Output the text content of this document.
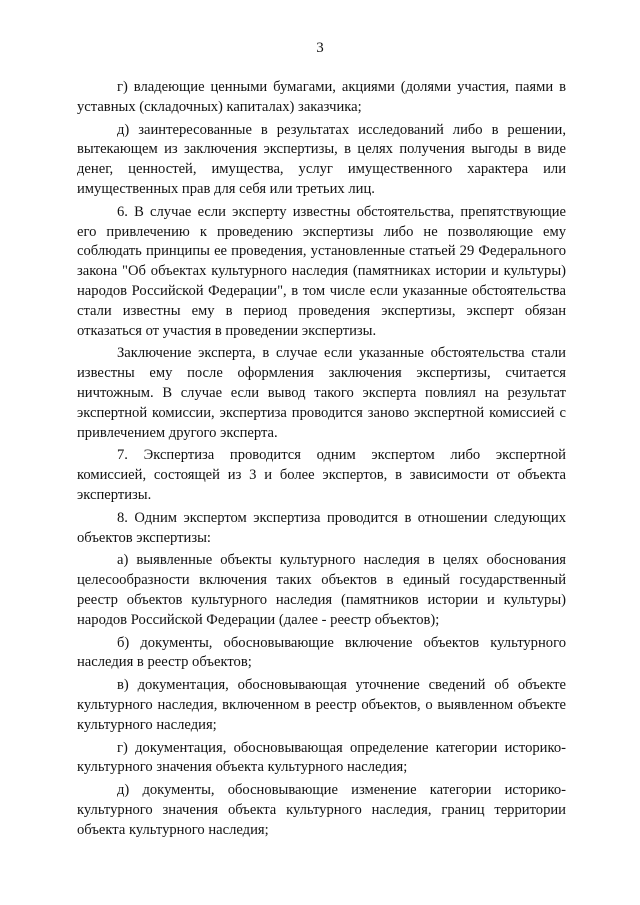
3

г) владеющие ценными бумагами, акциями (долями участия, паями в уставных (складочных) капиталах) заказчика;

д) заинтересованные в результатах исследований либо в решении, вытекающем из заключения экспертизы, в целях получения выгоды в виде денег, ценностей, имущества, услуг имущественного характера или имущественных прав для себя или третьих лиц.

6. В случае если эксперту известны обстоятельства, препятствующие его привлечению к проведению экспертизы либо не позволяющие ему соблюдать принципы ее проведения, установленные статьей 29 Федерального закона "Об объектах культурного наследия (памятниках истории и культуры) народов Российской Федерации", в том числе если указанные обстоятельства стали известны ему в период проведения экспертизы, эксперт обязан отказаться от участия в проведении экспертизы.

Заключение эксперта, в случае если указанные обстоятельства стали известны ему после оформления заключения экспертизы, считается ничтожным. В случае если вывод такого эксперта повлиял на результат экспертной комиссии, экспертиза проводится заново экспертной комиссией с привлечением другого эксперта.

7. Экспертиза проводится одним экспертом либо экспертной комиссией, состоящей из 3 и более экспертов, в зависимости от объекта экспертизы.

8. Одним экспертом экспертиза проводится в отношении следующих объектов экспертизы:

а) выявленные объекты культурного наследия в целях обоснования целесообразности включения таких объектов в единый государственный реестр объектов культурного наследия (памятников истории и культуры) народов Российской Федерации (далее - реестр объектов);

б) документы, обосновывающие включение объектов культурного наследия в реестр объектов;

в) документация, обосновывающая уточнение сведений об объекте культурного наследия, включенном в реестр объектов, о выявленном объекте культурного наследия;

г) документация, обосновывающая определение категории историко-культурного значения объекта культурного наследия;

д) документы, обосновывающие изменение категории историко-культурного значения объекта культурного наследия, границ территории объекта культурного наследия;
